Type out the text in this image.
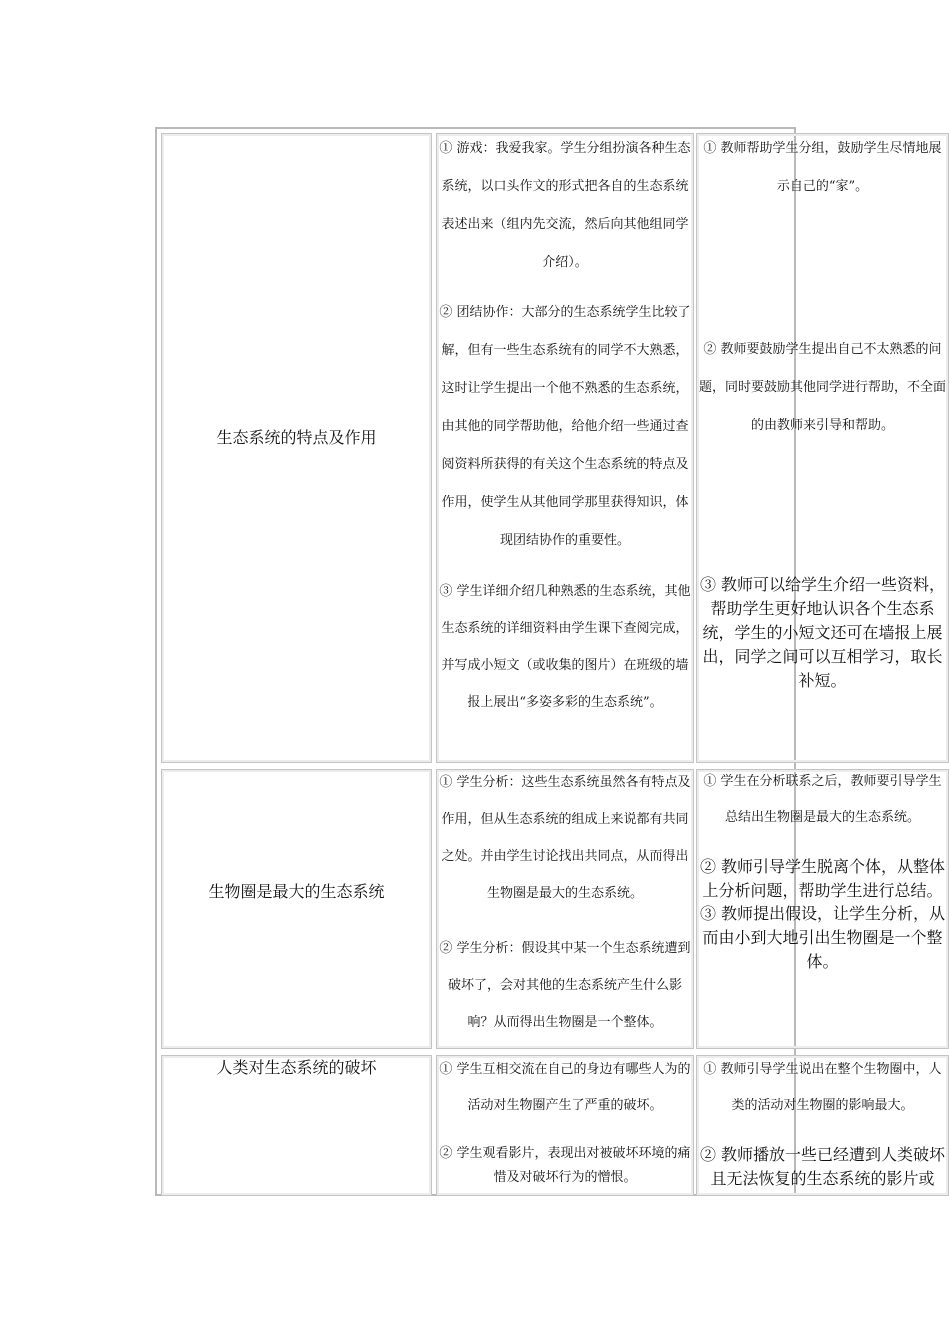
生态系统的特点及作用
① 游戏：我爱我家。学生分组扮演各种生态系统，以口头作文的形式把各自的生态系统表述出来（组内先交流，然后向其他组同学介绍）。
② 团结协作：大部分的生态系统学生比较了解，但有一些生态系统有的同学不大熟悉，这时让学生提出一个他不熟悉的生态系统，由其他的同学帮助他，给他介绍一些通过查阅资料所获得的有关这个生态系统的特点及作用，使学生从其他同学那里获得知识，体现团结协作的重要性。
③ 学生详细介绍几种熟悉的生态系统，其他生态系统的详细资料由学生课下查阅完成，并写成小短文（或收集的图片）在班级的墙报上展出“多姿多彩的生态系统”。
① 教师帮助学生分组，鼓励学生尽情地展示自己的“家”。
② 教师要鼓励学生提出自己不太熟悉的问题，同时要鼓励其他同学进行帮助，不全面的由教师来引导和帮助。
③ 教师可以给学生介绍一些资料，帮助学生更好地认识各个生态系统，学生的小短文还可在墙报上展出，同学之间可以互相学习，取长补短。
生物圈是最大的生态系统
① 学生分析：这些生态系统虽然各有特点及作用，但从生态系统的组成上来说都有共同之处。并由学生讨论找出共同点，从而得出生物圈是最大的生态系统。
② 学生分析：假设其中某一个生态系统遭到破坏了，会对其他的生态系统产生什么影响？从而得出生物圈是一个整体。
① 学生在分析联系之后，教师要引导学生总结出生物圈是最大的生态系统。
② 教师引导学生脱离个体，从整体上分析问题，帮助学生进行总结。
③ 教师提出假设，让学生分析，从而由小到大地引出生物圈是一个整体。
人类对生态系统的破坏	① 学生互相交流在自己的身边有哪些人为的活动对生物圈产生了严重的破坏。
② 学生观看影片，表现出对被破坏环境的痛惜及对破坏行为的憎恨。
① 教师引导学生说出在整个生物圈中，人类的活动对生物圈的影响最大。
② 教师播放一些已经遭到人类破坏且无法恢复的生态系统的影片或
